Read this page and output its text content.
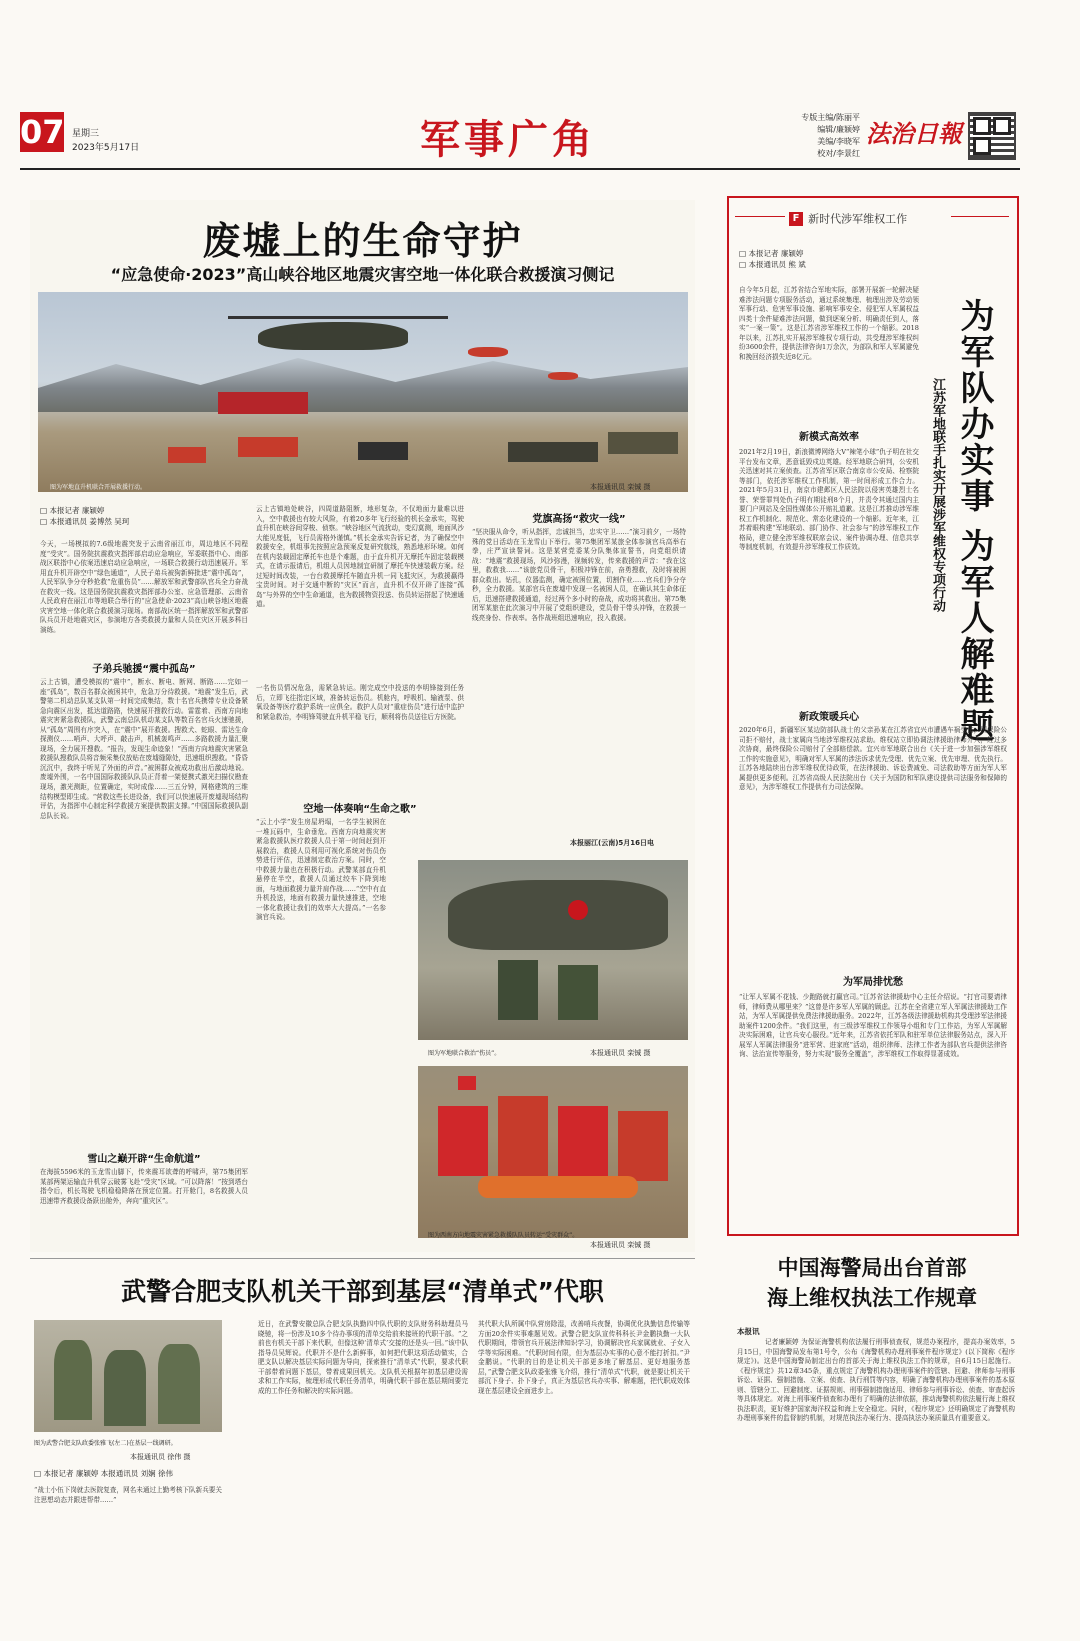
07 星期三
2023年5月17日	军事广角	专版主编/陈丽平
编辑/廉颖婷
美编/李晓军
校对/李景红
法治日報
废墟上的生命守护
“应急使命·2023”高山峡谷地区地震灾害空地一体化联合救援演习侧记
图为军地直升机联合开展救援行动。	本报通讯员 栾铖 摄
□ 本报记者 廉颖婷
□ 本报通讯员 姜博然 吴珂
今天，一场模拟的7.6级地震突发于云南省丽江市，周边地区不同程度“受灾”。国务院抗震救灾指挥部启动应急响应，军委联指中心、南部战区联指中心依案迅速启动应急响应，一场联合救援行动迅速展开。军用直升机开辟空中“绿色通道”，人民子弟兵被狗新鲜批进“震中孤岛”，人民军队争分夺秒抢救“危重伤员”……解放军和武警部队官兵全力奋战在救灾一线。这是国务院抗震救灾指挥部办公室、应急管理部、云南省人民政府在丽江市等地联合举行的“应急使命·2023”高山峡谷地区地震灾害空地一体化联合救援演习现场。南部战区统一指挥解放军和武警部队兵员开赴地震灾区，参演地方各类救援力量和人员在灾区开展多科目演练。
子弟兵驰援“震中孤岛”
云上古镇，遭受模拟的“震中”，断水、断电、断网、断路……完如一座“孤岛”，数百名群众被困其中，危急万分待救援。“地震”发生后，武警第二机动总队某支队第一时间完成集结，数十名官兵携带专业设备紧急向震区出发，抵达道路路，快速展开搜救行动。雷霆着、西南方向地震灾害紧急救援队，武警云南总队机动某支队等数百名官兵火速驰援，从“孤岛”周围有序突入，在“震中”展开救援。搜救犬、蛇眼、雷达生命探测仪……哨声、大呼声、敲击声，机械轰鸣声……多路救援力量汇聚现场，全力展开搜救。“报告，发现生命迹象！”西南方向地震灾害紧急救援队搜救队员将音频采集仪放贴在废墟缝隙处，迅速组织搜救。“昏昏沉沉中，我终于听见了外面的声音。”被困群众被成功救出后激动地说。废墟外围，一名中国国际救援队队员正背着一架便携式激光扫描仪勘查现场，激光测距，位置确定，实时成像……三五分钟，网格建筑的三维结构模型即生成。“营救这些长进设备，我们可以快速展开废墟现场结构评估，为指挥中心制定科学救援方案提供数据支撑。”中国国际救援队副总队长说。
雪山之巅开辟“生命航道”
在海拔5596米的玉龙雪山脚下，传来震耳欲聋的呼啸声，第75集团军某部两架运输直升机穿云破雾飞赴“受灾”区域。“可以降落！”按到塔台指令后，机长驾驶飞机稳稳降落在预定位置。打开舱门，8名救援人员迅速带齐救援设备跃出舱外，奔向“重灾区”。
云上古镇地处峡谷，四周道路阻断，地形复杂，不仅地面力量难以进入，空中救援也有较大风险，有着20多年飞行经验的机长金承实，驾驶直升机在峡谷间穿梭、侦察。“峡谷地区气流扰动，变幻莫测，地面风沙大能见度低，飞行员需格外谨慎。”机长金承实告诉记者，为了确保空中救援安全，机组事先按照应急预案反复研究航线，熟悉地形环境。如何在机内装载固定摩托车也是个难题，由于直升机开无摩托车固定装载模式，在请示报请后，机组人员因地制宜研制了摩托车快速装载方案。经过短时间改装，一台台救援摩托车随直升机一同飞抵灾区，为救援赢得宝贵时间。对于交通中断的“灾区”而言，直升机不仅开辟了连接“孤岛”与外界的空中生命通道，也为救援物资投送、伤员转运搭起了快速通道。
一名伤员情况危急，需紧急转运。刚完成空中投送的李明锋接到任务后，立即飞往指定区域，准备转运伤员。机舱内，呼吸机、输液泵、供氧设备等医疗救护系统一应俱全。救护人员对“重症伤员”进行适中监护和紧急救治，李明锋驾驶直升机平稳飞行，顺利将伤员送往后方医院。
空地一体奏响“生命之歌”
“云上小学”发生房屋坍塌，一名学生被困在一堆瓦砾中，生命垂危。西南方向地震灾害紧急救援队医疗救援人员于第一时间赶到开展救治，救援人员利用可视化系统对伤员伤势进行评估，迅速制定救治方案。同时，空中救援力量也在积极行动。武警某部直升机悬停在半空，救援人员通过绞车下降到地面，与地面救援力量并肩作战……“空中有直升机投送，地面有救援力量快速推进，空地一体化救援让我们的效率大大提高。”一名参演官兵说。
党旗高扬“救灾一线”
“坚决服从命令，听从指挥，忠诚担当，忠实守卫……”演习前夕，一场特殊的党日活动在玉龙雪山下举行。第75集团军某旅全体参演官兵高举右拳，庄严宣读誓词。这是某营党委某分队集体宣誓书，向党组织请战：“地震”救援现场，风沙弥漫，视频转发，传来救援的声音：“我在这里，救救我……”该旅党员骨干，积极冲锋在前，奋勇搜救，及时将被困群众救出。钻孔，仪器监测，确定被困位置，切割作业……官兵们争分夺秒，全力救援。某部官兵在废墟中发现一名被困人员，在确认其生命体征后，迅速搭建救援通道，经过两个多小时的奋战，成功将其救出。第75集团军某旅在此次演习中开展了党组织建设，党员骨干带头冲锋，在救援一线亮身份、作表率。各作战班组迅速响应，投入救援。
本报丽江(云南)5月16日电
图为军地联合救治“伤员”。	本报通讯员 栾铖 摄
图为西南方向地震灾害紧急救援队队员转运“受灾群众”。
本报通讯员 栾铖 摄
F 新时代涉军维权工作
□ 本报记者 廉颖婷
□ 本报通讯员 熊 斌
为军队办实事 为军人解难题
江苏军地联手扎实开展涉军维权专项行动
自今年5月起，江苏省结合军地实际，部署开展新一轮解决疑难涉法问题专项服务活动，通过系统集理、梳理出涉及劳动领军事行动、危害军事设施、影响军事安全、侵犯军人军属权益四类十余件疑难涉法问题，做到逐案分析、明确责任到人，落实“一案一策”。这是江苏省涉军维权工作的一个缩影。2018年以来，江苏扎实开展涉军维权专项行动，共受理涉军维权纠纷3600余件，提供法律咨询1万余次，为部队和军人军属避免和挽回经济损失近8亿元。
新模式高效率
2021年2月19日，新浪微博网络大V“辣笔小球”仇子明在社交平台发布文章，恶意诋毁戍边英雄。经军地联合研判，公安机关迅速对其立案侦查。江苏省军区联合南京市公安局、检察院等部门，依托涉军维权工作机制，第一时间形成工作合力。2021年5月31日，南京市建邺区人民法院以侵害英雄烈士名誉、荣誉罪判处仇子明有期徒刑8个月，并责令其通过国内主要门户网站及全国性媒体公开赔礼道歉。这是江苏推动涉军维权工作机制化、规范化、常态化建设的一个缩影。近年来，江苏着眼构建“军地联动、部门协作、社会参与”的涉军维权工作格局，建立健全涉军维权联席会议、案件协调办理、信息共享等制度机制，有效提升涉军维权工作质效。
新政策暖兵心
2020年6月，新疆军区某边防部队战士的父亲孙某在江苏省宜兴市遭遇车祸受伤，因保险公司拒不赔付，战士家属向当地涉军维权站求助。维权站立即协调法律援助律师介入，经过多次协商，最终保险公司赔付了全部赔偿款。宜兴市军地联合出台《关于进一步加强涉军维权工作的实施意见》，明确对军人军属的涉法诉求优先受理、优先立案、优先审理、优先执行。江苏各地陆续出台涉军维权优待政策，在法律援助、诉讼费减免、司法救助等方面为军人军属提供更多便利。江苏省高级人民法院出台《关于为国防和军队建设提供司法服务和保障的意见》，为涉军维权工作提供有力司法保障。
为军局排忧愁
“让军人军属不花钱、少跑路就打赢官司。”江苏省法律援助中心主任介绍说。“打官司要请律师，律师费从哪里来？”这曾是许多军人军属的顾虑。江苏在全省建立军人军属法律援助工作站，为军人军属提供免费法律援助服务。2022年，江苏各级法律援助机构共受理涉军法律援助案件1200余件。“我们这里，有三级涉军维权工作领导小组和专门工作站，为军人军属解决实际困难，让官兵安心服役。”近年来，江苏省依托军队和驻军单位法律服务站点，深入开展军人军属法律服务“进军营、进家庭”活动，组织律师、法律工作者为部队官兵提供法律咨询、法治宣传等服务，努力实现“服务全覆盖”，涉军维权工作取得显著成效。
中国海警局出台首部
海上维权执法工作规章
本报讯
记者廉颖婷 为保证海警机构依法履行刑事侦查权，规范办案程序，提高办案效率，5月15日，中国海警局发布第1号令，公布《海警机构办理刑事案件程序规定》(以下简称《程序规定》)。这是中国海警局制定出台的首部关于海上维权执法工作的规章，自6月15日起施行。《程序规定》共12章345条，重点规定了海警机构办理刑事案件的管辖、回避、律师参与刑事诉讼、证据、强制措施、立案、侦查、执行刑罚等内容，明确了海警机构办理刑事案件的基本原则、管辖分工、回避制度、证据规则、刑事强制措施适用、律师参与刑事诉讼、侦查、审查起诉等具体规定。对海上刑事案件侦查和办理有了明确的法律依据，推动海警机构依法履行海上维权执法职责，更好维护国家海洋权益和海上安全稳定。同时，《程序规定》还明确规定了海警机构办理刑事案件的监督制约机制，对规范执法办案行为、提高执法办案质量具有重要意义。
武警合肥支队机关干部到基层“清单式”代职
图为武警合肥支队政委张雅飞(左二)在基层一线调研。
本报通讯员 徐伟 摄
□ 本报记者 廉颖婷 本报通讯员 刘娴 徐伟
“战士小伍下岗就去医院复查，网名未通过上勤考核下队新兵要关注思想动态并跟进帮带……”
近日，在武警安徽总队合肥支队执勤四中队代职的支队财务科助理员马晓驰，将一份涉及10多个待办事项的清单交给前来接班的代职干部。“之前也有机关干部下来代职，但像这种‘清单式’交接的还是头一回。”该中队指导员吴辉说。代职并不是什么新鲜事，如何把代职这项活动做实，合肥支队以解决基层实际问题为导向，探索推行“清单式”代职，要求代职干部带着问题下基层，带着成果回机关。支队机关根据年初基层建设需求和工作实际，梳理形成代职任务清单，明确代职干部在基层期间要完成的工作任务和解决的实际问题。
其代职大队所属中队营房除湿，改善哨兵夜餐，协调优化执勤信息传输等方面20余件实事难题见效。武警合肥支队宣传科科长尹金鹏执勤一大队代职期间，带领官兵开展法律知识学习，协调解决官兵家属就业、子女入学等实际困难。“代职时间有限，但为基层办实事的心意不能打折扣。”尹金鹏说。“代职的目的是让机关干部更多地了解基层、更好地服务基层，”武警合肥支队政委张雅飞介绍，推行“清单式”代职，就是要让机关干部沉下身子、扑下身子，真正为基层官兵办实事、解难题，把代职成效体现在基层建设全面进步上。
